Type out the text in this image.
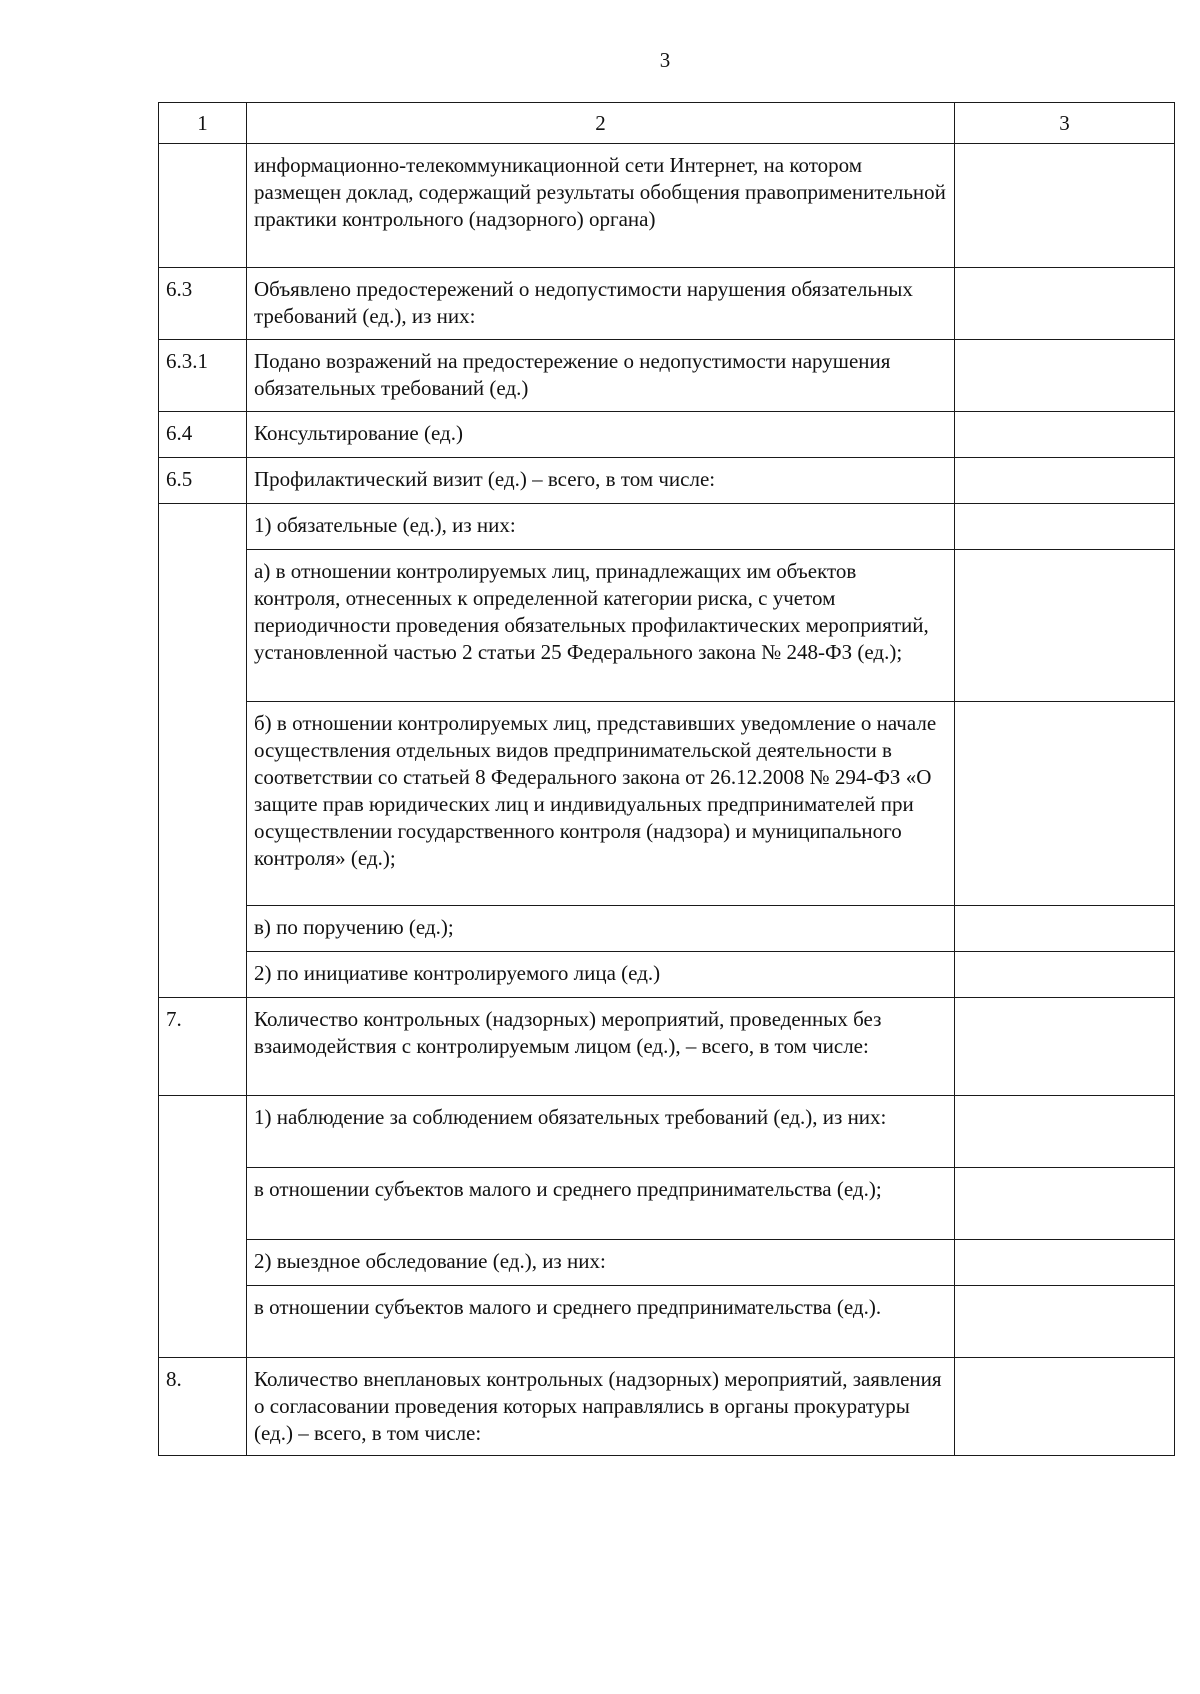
3
1	2	3
	информационно-телекоммуникационной сети Интернет, на котором размещен доклад, содержащий результаты обобщения правоприменительной практики контрольного (надзорного) органа)	
6.3	Объявлено предостережений о недопустимости нарушения обязательных требований (ед.), из них:	
6.3.1	Подано возражений на предостережение о недопустимости нарушения обязательных требований (ед.)	
6.4	Консультирование (ед.)	
6.5	Профилактический визит (ед.) – всего, в том числе:	
	1) обязательные (ед.), из них:	
	а) в отношении контролируемых лиц, принадлежащих им объектов контроля, отнесенных к определенной категории риска, с учетом периодичности проведения обязательных профилактических мероприятий, установленной частью 2 статьи 25 Федерального закона № 248-ФЗ (ед.);	
	б) в отношении контролируемых лиц, представивших уведомление о начале осуществления отдельных видов предпринимательской деятельности в соответствии со статьей 8 Федерального закона от 26.12.2008 № 294-ФЗ «О защите прав юридических лиц и индивидуальных предпринимателей при осуществлении государственного контроля (надзора) и муниципального контроля» (ед.);	
	в) по поручению (ед.);	
	2) по инициативе контролируемого лица (ед.)	
7.	Количество контрольных (надзорных) мероприятий, проведенных без взаимодействия с контролируемым лицом (ед.), – всего, в том числе:	
	1) наблюдение за соблюдением обязательных требований (ед.), из них:	
	в отношении субъектов малого и среднего предпринимательства (ед.);	
	2) выездное обследование (ед.), из них:	
	в отношении субъектов малого и среднего предпринимательства (ед.).	
8.	Количество внеплановых контрольных (надзорных) мероприятий, заявления о согласовании проведения которых направлялись в органы прокуратуры (ед.) – всего, в том числе:	
